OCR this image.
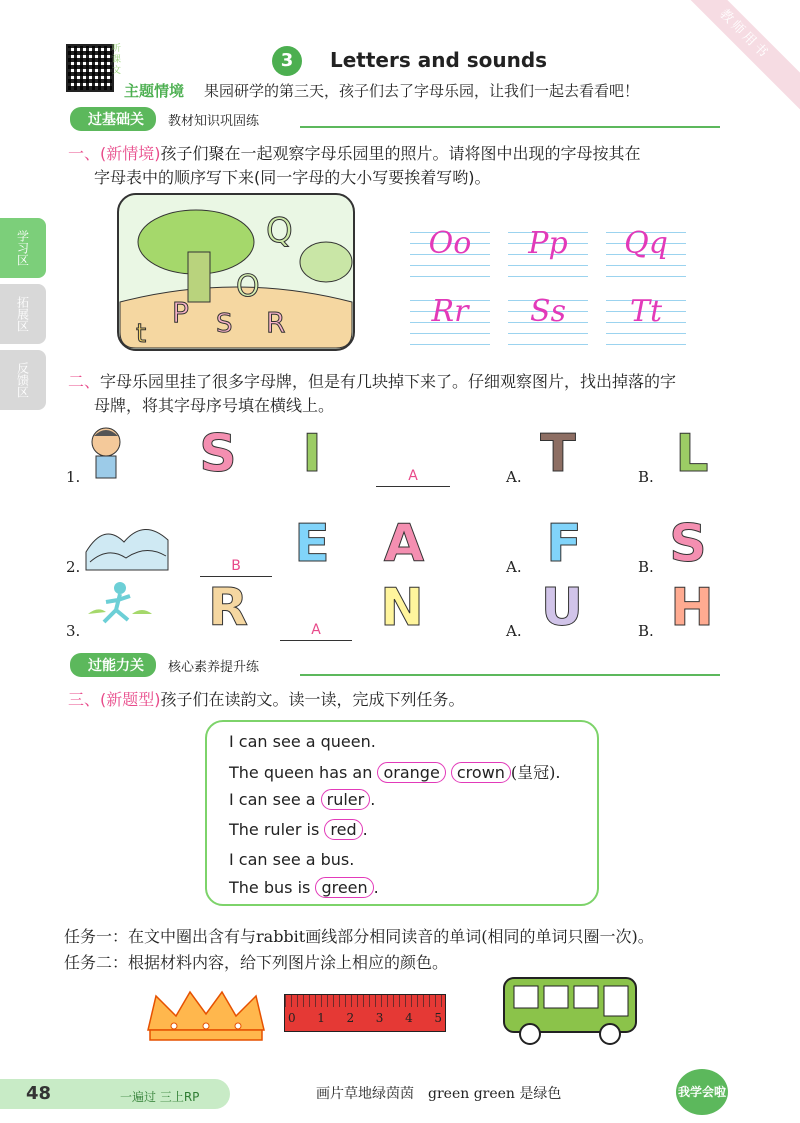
教师用书
听课文	3	Letters and sounds
主题情境 果园研学的第三天，孩子们去了字母乐园，让我们一起去看看吧！
学习区
拓展区
反馈区
过基础关	教材知识巩固练
一、(新情境)孩子们聚在一起观察字母乐园里的照片。请将图中出现的字母按其在
字母表中的顺序写下来(同一字母的大小写要挨着写哟)。
Q
O
P S R
t
Oo	Pp	Qq
Rr	Ss	Tt
二、字母乐园里挂了很多字母牌，但是有几块掉下来了。仔细观察图片，找出掉落的字
母牌，将其字母序号填在横线上。
1. S	I	A	A. T	B. L
2.	B	E A	A. F	B. S
3. R	A	N	A. U	B. H
过能力关	核心素养提升练
三、(新题型)孩子们在读韵文。读一读，完成下列任务。
I can see a queen.
The queen has an orange crown (皇冠).
I can see a ruler .
The ruler is red .
I can see a bus.
The bus is green .
任务一：在文中圈出含有与rabbit画线部分相同读音的单词(相同的单词只圈一次)。
任务二：根据材料内容，给下列图片涂上相应的颜色。
0 1 2 3 4 5
48	一遍过 三上RP	画片草地绿茵茵　green green 是绿色	我学会啦
